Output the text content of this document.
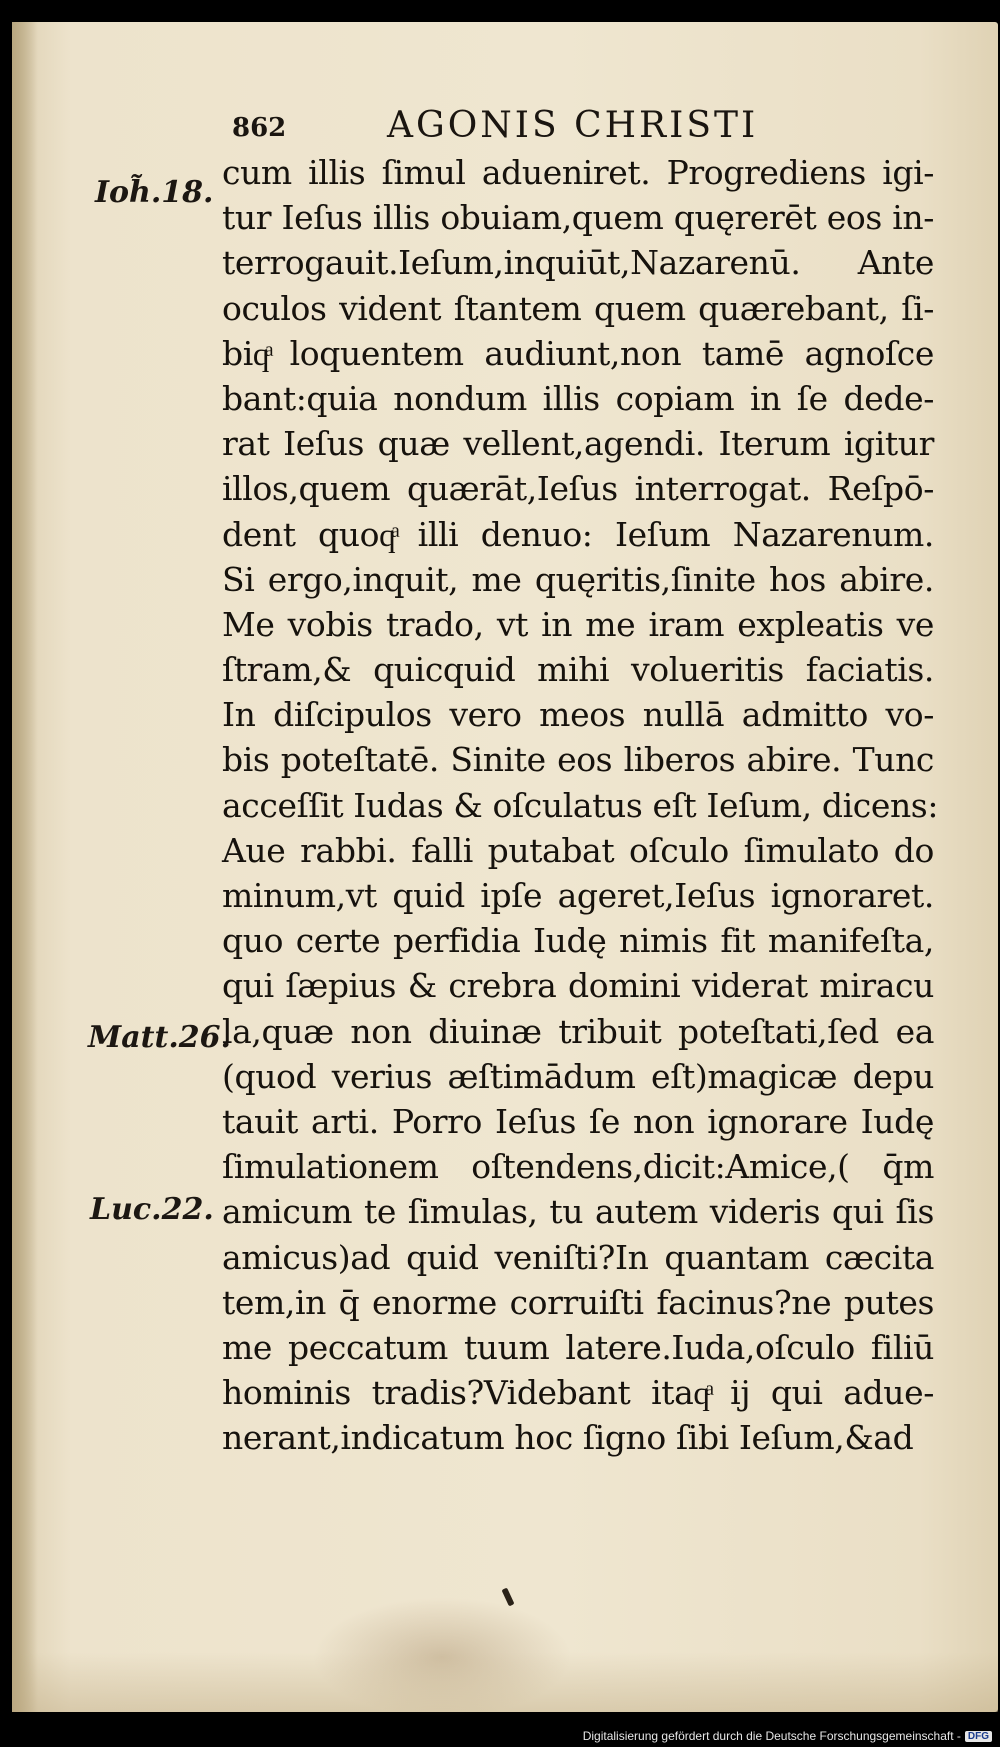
862	AGONIS CHRISTI
Ioh̃.18.
Matt.26.
Luc.22.
cum illis ſimul adueniret. Progrediens igi-
tur Ieſus illis obuiam,quem quęrerēt eos in-
terrogauit.Ieſum,inquiūt,Nazarenū. Ante
oculos vident ſtantem quem quærebant, ſi-
biqͣ loquentem audiunt,non tamē agnoſce
bant:quia nondum illis copiam in ſe dede-
rat Ieſus quæ vellent,agendi. Iterum igitur
illos,quem quærāt,Ieſus interrogat. Reſpō-
dent quoqͣ illi denuo: Ieſum Nazarenum.
Si ergo,inquit, me quęritis,ſinite hos abire.
Me vobis trado, vt in me iram expleatis ve
ſtram,& quicquid mihi volueritis faciatis.
In diſcipulos vero meos nullā admitto vo-
bis poteſtatē. Sinite eos liberos abire. Tunc
acceſſit Iudas & oſculatus eſt Ieſum, dicens:
Aue rabbi. falli putabat oſculo ſimulato do
minum,vt quid ipſe ageret,Ieſus ignoraret.
quo certe perfidia Iudę nimis fit manifeſta,
qui ſæpius & crebra domini viderat miracu
la,quæ non diuinæ tribuit poteſtati,ſed ea
(quod verius æſtimādum eſt)magicæ depu
tauit arti. Porro Ieſus ſe non ignorare Iudę
ſimulationem oſtendens,dicit:Amice,( q̄m
amicum te ſimulas, tu autem videris qui ſis
amicus)ad quid veniſti?In quantam cæcita
tem,in q̄ enorme corruiſti facinus?ne putes
me peccatum tuum latere.Iuda,oſculo filiū
hominis tradis?Videbant itaqͣ ij qui adue-
nerant,indicatum hoc ſigno ſibi Ieſum,&ad
Digitalisierung gefördert durch die Deutsche Forschungsgemeinschaft - DFG
